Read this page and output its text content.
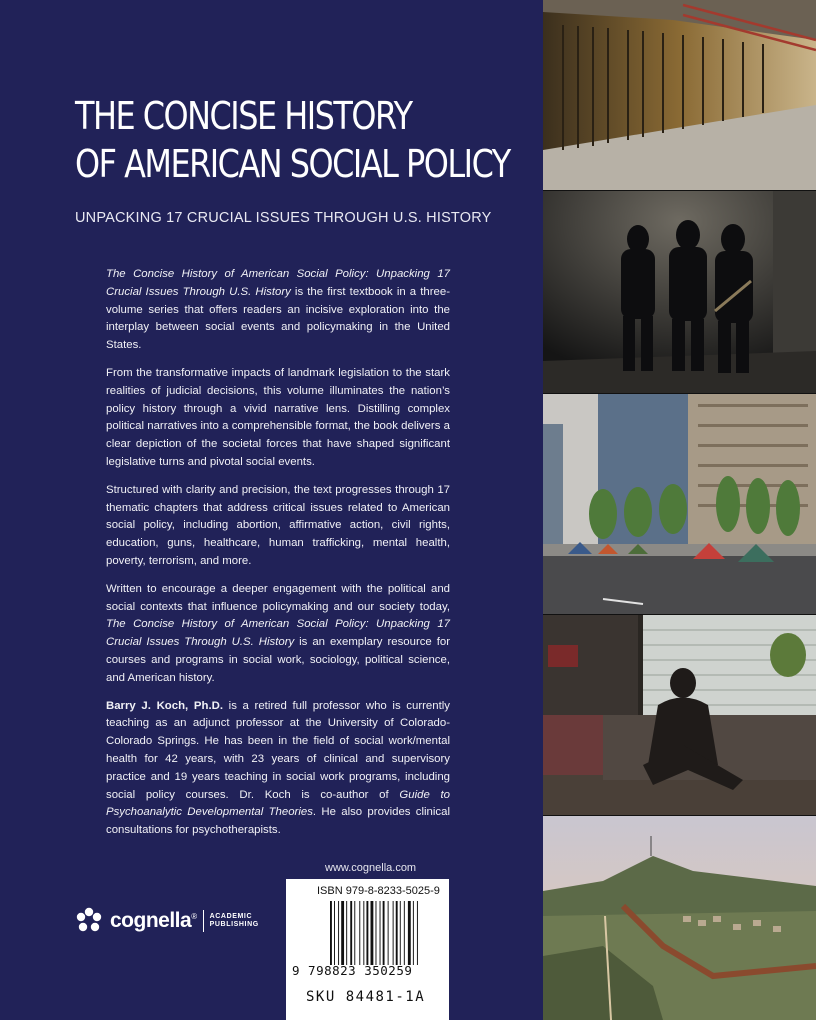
THE CONCISE HISTORY
OF AMERICAN SOCIAL POLICY
UNPACKING 17 CRUCIAL ISSUES THROUGH U.S. HISTORY

The Concise History of American Social Policy: Unpacking 17 Crucial Issues Through U.S. History is the first textbook in a three-volume series that offers readers an incisive exploration into the interplay between social events and policymaking in the United States.

From the transformative impacts of landmark legislation to the stark realities of judicial decisions, this volume illuminates the nation’s policy history through a vivid narrative lens. Distilling complex political narratives into a comprehensible format, the book delivers a clear depiction of the societal forces that have shaped significant legislative turns and pivotal social events.

Structured with clarity and precision, the text progresses through 17 thematic chapters that address critical issues related to American social policy, including abortion, affirmative action, civil rights, education, guns, healthcare, human trafficking, mental health, poverty, terrorism, and more.

Written to encourage a deeper engagement with the political and social contexts that influence policymaking and our society today, The Concise History of American Social Policy: Unpacking 17 Crucial Issues Through U.S. History is an exemplary resource for courses and programs in social work, sociology, political science, and American history.

Barry J. Koch, Ph.D. is a retired full professor who is currently teaching as an adjunct professor at the University of Colorado-Colorado Springs. He has been in the field of social work/mental health for 42 years, with 23 years of clinical and supervisory practice and 19 years teaching in social work programs, including social policy courses. Dr. Koch is co-author of Guide to Psychoanalytic Developmental Theories. He also provides clinical consultations for psychotherapists.

www.cognella.com
cognella® ACADEMIC
PUBLISHING
ISBN 979-8-8233-5025-9
9 798823 350259
SKU 84481-1A
